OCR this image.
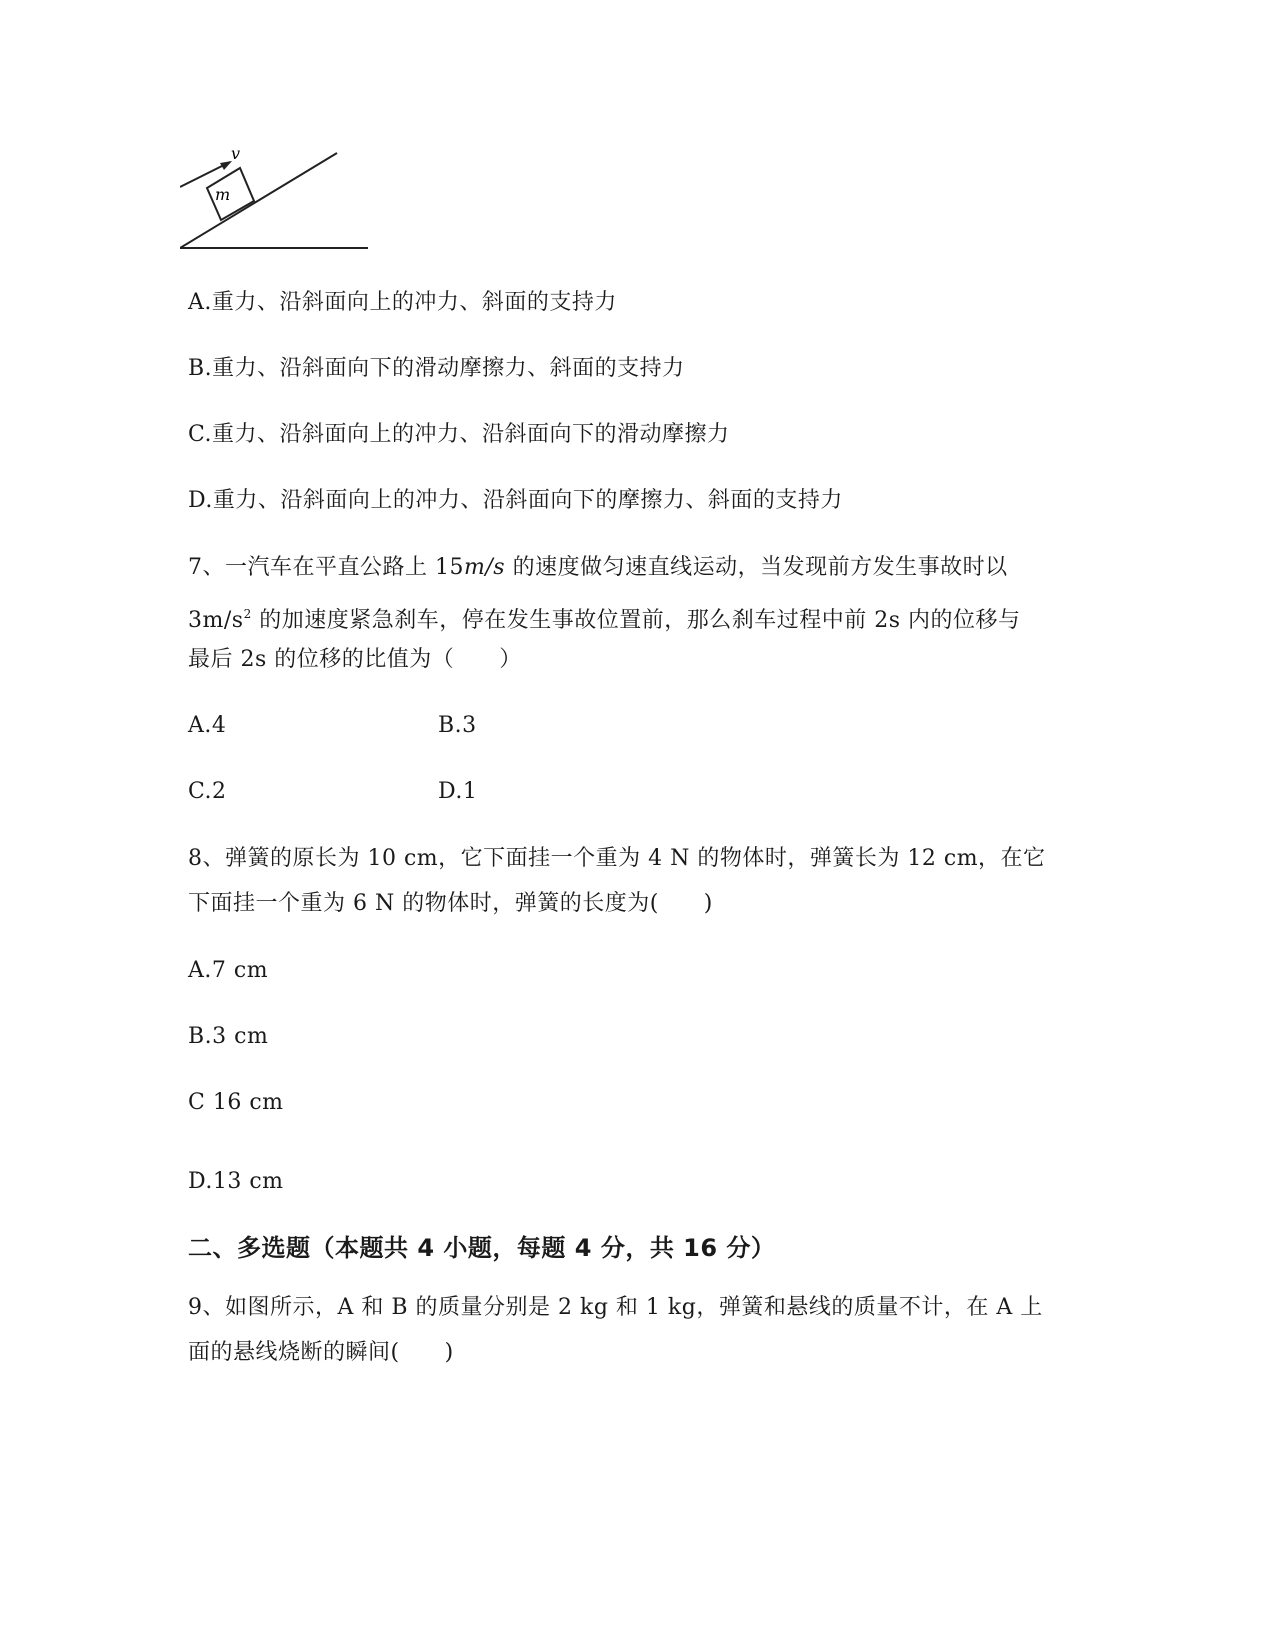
v
m
A.重力、沿斜面向上的冲力、斜面的支持力
B.重力、沿斜面向下的滑动摩擦力、斜面的支持力
C.重力、沿斜面向上的冲力、沿斜面向下的滑动摩擦力
D.重力、沿斜面向上的冲力、沿斜面向下的摩擦力、斜面的支持力
7、一汽车在平直公路上 15m/s 的速度做匀速直线运动，当发现前方发生事故时以
$3m/s^2$ 的加速度紧急刹车，停在发生事故位置前，那么刹车过程中前 2s 内的位移与
最后 2s 的位移的比值为（　　）
A.4	B.3
C.2	D.1
8、弹簧的原长为 10 cm，它下面挂一个重为 4 N 的物体时，弹簧长为 12 cm，在它
下面挂一个重为 6 N 的物体时，弹簧的长度为(　　)
A.7 cm
B.3 cm
C 16 cm
D.13 cm
二、多选题（本题共 4 小题，每题 4 分，共 16 分）
9、如图所示，A 和 B 的质量分别是 2 kg 和 1 kg，弹簧和悬线的质量不计，在 A 上
面的悬线烧断的瞬间(　　)
